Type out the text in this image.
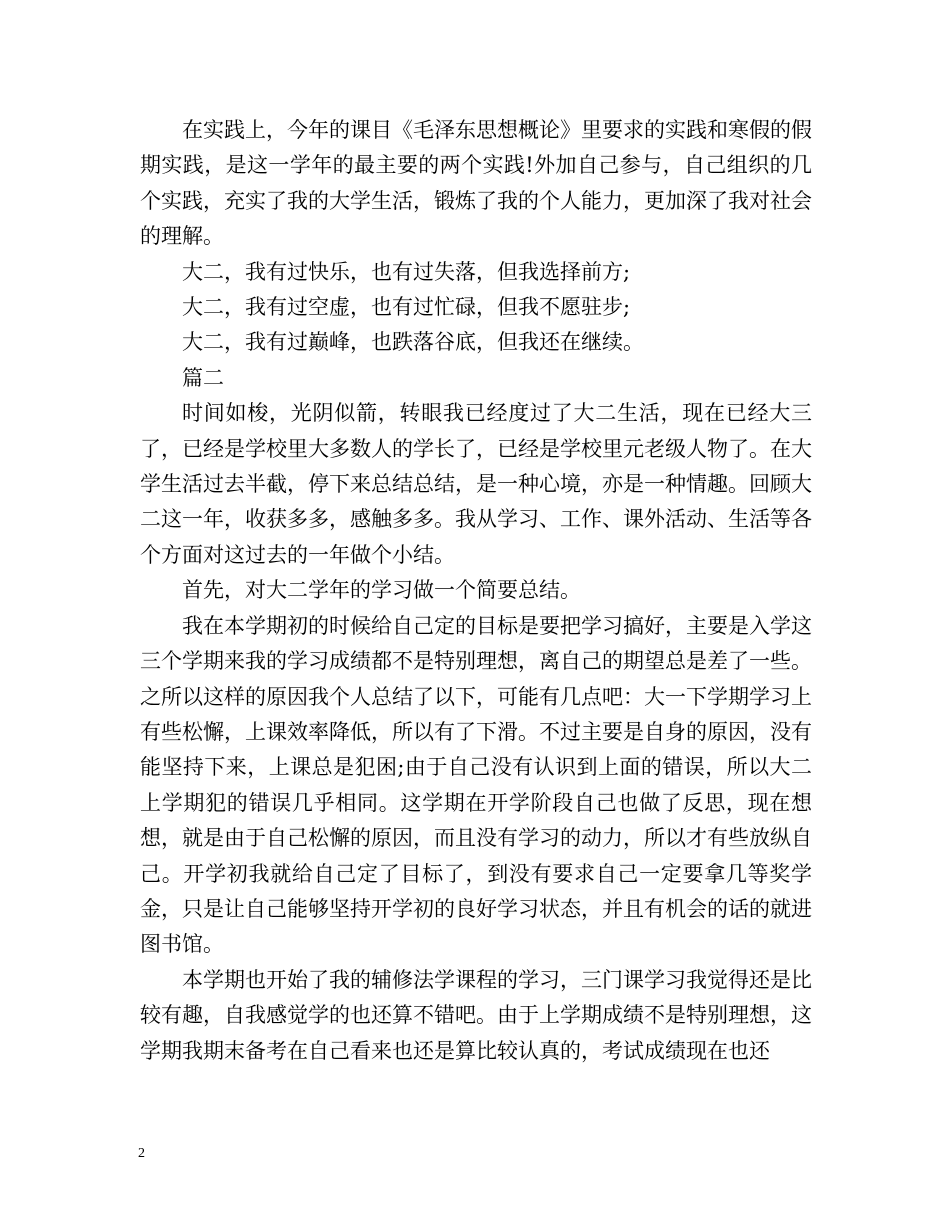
在实践上，今年的课目《毛泽东思想概论》里要求的实践和寒假的假期实践，是这一学年的最主要的两个实践!外加自己参与，自己组织的几个实践，充实了我的大学生活，锻炼了我的个人能力，更加深了我对社会的理解。

大二，我有过快乐，也有过失落，但我选择前方;

大二，我有过空虚，也有过忙碌，但我不愿驻步;

大二，我有过巅峰，也跌落谷底，但我还在继续。

篇二

时间如梭，光阴似箭，转眼我已经度过了大二生活，现在已经大三了，已经是学校里大多数人的学长了，已经是学校里元老级人物了。在大学生活过去半截，停下来总结总结，是一种心境，亦是一种情趣。回顾大二这一年，收获多多，感触多多。我从学习、工作、课外活动、生活等各个方面对这过去的一年做个小结。

首先，对大二学年的学习做一个简要总结。

我在本学期初的时候给自己定的目标是要把学习搞好，主要是入学这三个学期来我的学习成绩都不是特别理想，离自己的期望总是差了一些。之所以这样的原因我个人总结了以下，可能有几点吧：大一下学期学习上有些松懈，上课效率降低，所以有了下滑。不过主要是自身的原因，没有能坚持下来，上课总是犯困;由于自己没有认识到上面的错误，所以大二上学期犯的错误几乎相同。这学期在开学阶段自己也做了反思，现在想想，就是由于自己松懈的原因，而且没有学习的动力，所以才有些放纵自己。开学初我就给自己定了目标了，到没有要求自己一定要拿几等奖学金，只是让自己能够坚持开学初的良好学习状态，并且有机会的话的就进图书馆。

本学期也开始了我的辅修法学课程的学习，三门课学习我觉得还是比较有趣，自我感觉学的也还算不错吧。由于上学期成绩不是特别理想，这学期我期末备考在自己看来也还是算比较认真的，考试成绩现在也还

2
